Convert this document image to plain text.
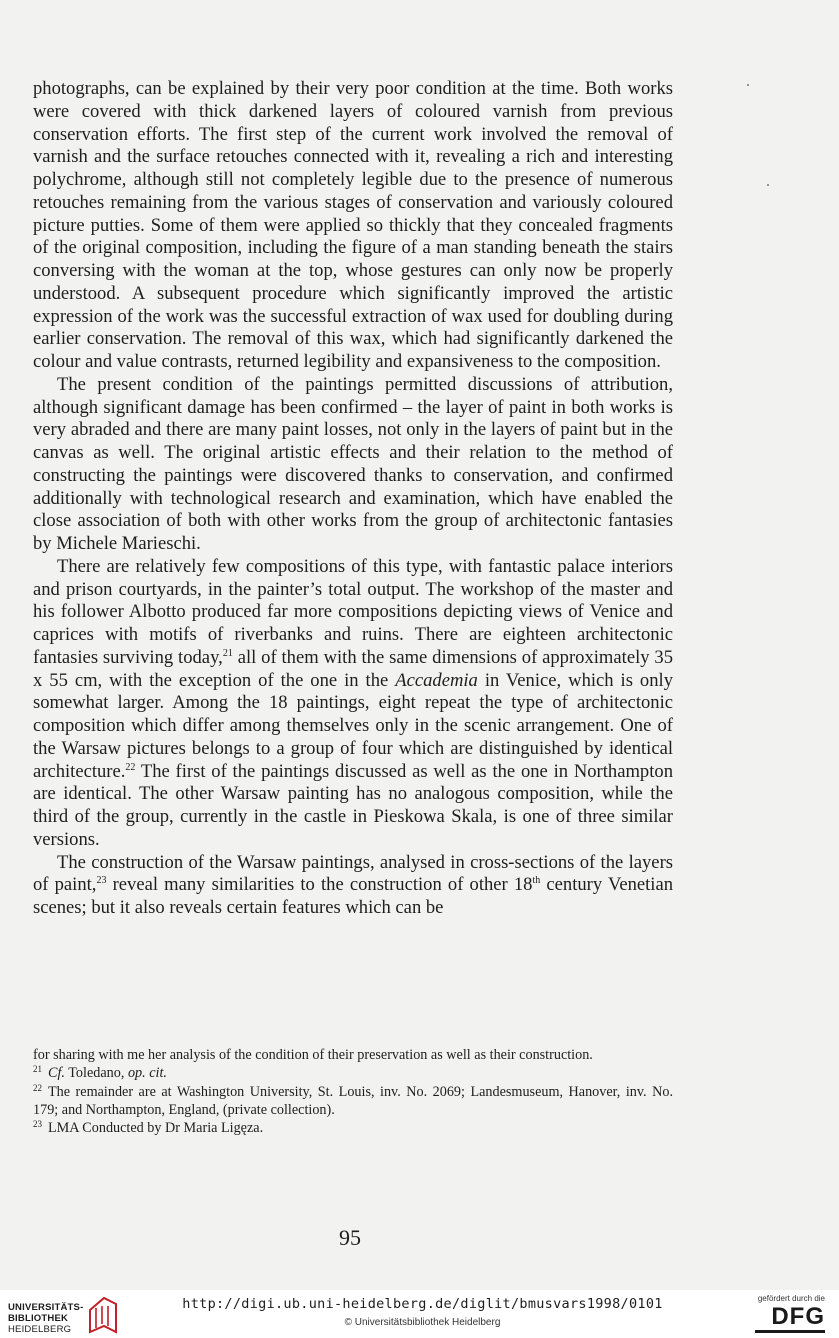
photographs, can be explained by their very poor condition at the time. Both works were covered with thick darkened layers of coloured varnish from previous conservation efforts. The first step of the current work involved the removal of varnish and the surface retouches connected with it, revealing a rich and interesting polychrome, although still not completely legible due to the presence of numerous retouches remaining from the various stages of conservation and variously coloured picture putties. Some of them were applied so thickly that they concealed fragments of the original composition, including the figure of a man standing beneath the stairs conversing with the woman at the top, whose gestures can only now be properly understood. A subsequent procedure which significantly improved the artistic expression of the work was the successful extraction of wax used for doubling during earlier conservation. The removal of this wax, which had significantly darkened the colour and value contrasts, returned legibility and expansiveness to the composition.

The present condition of the paintings permitted discussions of attribution, although significant damage has been confirmed – the layer of paint in both works is very abraded and there are many paint losses, not only in the layers of paint but in the canvas as well. The original artistic effects and their relation to the method of constructing the paintings were discovered thanks to conservation, and confirmed additionally with technological research and examination, which have enabled the close association of both with other works from the group of architectonic fantasies by Michele Marieschi.

There are relatively few compositions of this type, with fantastic palace interiors and prison courtyards, in the painter’s total output. The workshop of the master and his follower Albotto produced far more compositions depicting views of Venice and caprices with motifs of riverbanks and ruins. There are eighteen architectonic fantasies surviving today,$^{21}$ all of them with the same dimensions of approximately 35 x 55 cm, with the exception of the one in the Accademia in Venice, which is only somewhat larger. Among the 18 paintings, eight repeat the type of architectonic composition which differ among themselves only in the scenic arrangement. One of the Warsaw pictures belongs to a group of four which are distinguished by identical architecture.$^{22}$ The first of the paintings discussed as well as the one in Northampton are identical. The other Warsaw painting has no analogous composition, while the third of the group, currently in the castle in Pieskowa Skala, is one of three similar versions.

The construction of the Warsaw paintings, analysed in cross-sections of the layers of paint,$^{23}$ reveal many similarities to the construction of other 18th century Venetian scenes; but it also reveals certain features which can be

for sharing with me her analysis of the condition of their preservation as well as their construction.

$^{21}$ Cf. Toledano, op. cit.

$^{22}$ The remainder are at Washington University, St. Louis, inv. No. 2069; Landesmuseum, Hanover, inv. No. 179; and Northampton, England, (private collection).

$^{23}$ LMA Conducted by Dr Maria Ligęza.

95
UNIVERSITÄTS-
BIBLIOTHEK
HEIDELBERG
http://digi.ub.uni-heidelberg.de/diglit/bmusvars1998/0101
© Universitätsbibliothek Heidelberg
gefördert durch die
DFG
